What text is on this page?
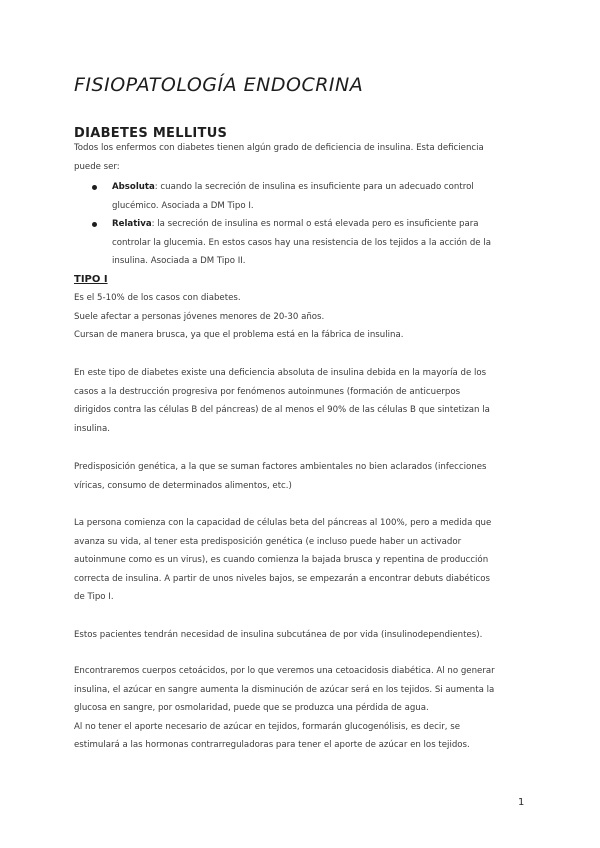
FISIOPATOLOGÍA ENDOCRINA
DIABETES MELLITUS
Todos los enfermos con diabetes tienen algún grado de deficiencia de insulina. Esta deficiencia
puede ser:
Absoluta: cuando la secreción de insulina es insuficiente para un adecuado control
glucémico. Asociada a DM Tipo I.
Relativa: la secreción de insulina es normal o está elevada pero es insuficiente para
controlar la glucemia. En estos casos hay una resistencia de los tejidos a la acción de la
insulina. Asociada a DM Tipo II.
TIPO I
Es el 5-10% de los casos con diabetes.
Suele afectar a personas jóvenes menores de 20-30 años.
Cursan de manera brusca, ya que el problema está en la fábrica de insulina.
En este tipo de diabetes existe una deficiencia absoluta de insulina debida en la mayoría de los
casos a la destrucción progresiva por fenómenos autoinmunes (formación de anticuerpos
dirigidos contra las células B del páncreas) de al menos el 90% de las células B que sintetizan la
insulina.
Predisposición genética, a la que se suman factores ambientales no bien aclarados (infecciones
víricas, consumo de determinados alimentos, etc.)
La persona comienza con la capacidad de células beta del páncreas al 100%, pero a medida que
avanza su vida, al tener esta predisposición genética (e incluso puede haber un activador
autoinmune como es un virus), es cuando comienza la bajada brusca y repentina de producción
correcta de insulina. A partir de unos niveles bajos, se empezarán a encontrar debuts diabéticos
de Tipo I.
Estos pacientes tendrán necesidad de insulina subcutánea de por vida (insulinodependientes).
Encontraremos cuerpos cetoácidos, por lo que veremos una cetoacidosis diabética. Al no generar
insulina, el azúcar en sangre aumenta la disminución de azúcar será en los tejidos. Si aumenta la
glucosa en sangre, por osmolaridad, puede que se produzca una pérdida de agua.
Al no tener el aporte necesario de azúcar en tejidos, formarán glucogenólisis, es decir, se
estimulará a las hormonas contrarreguladoras para tener el aporte de azúcar en los tejidos.
1
